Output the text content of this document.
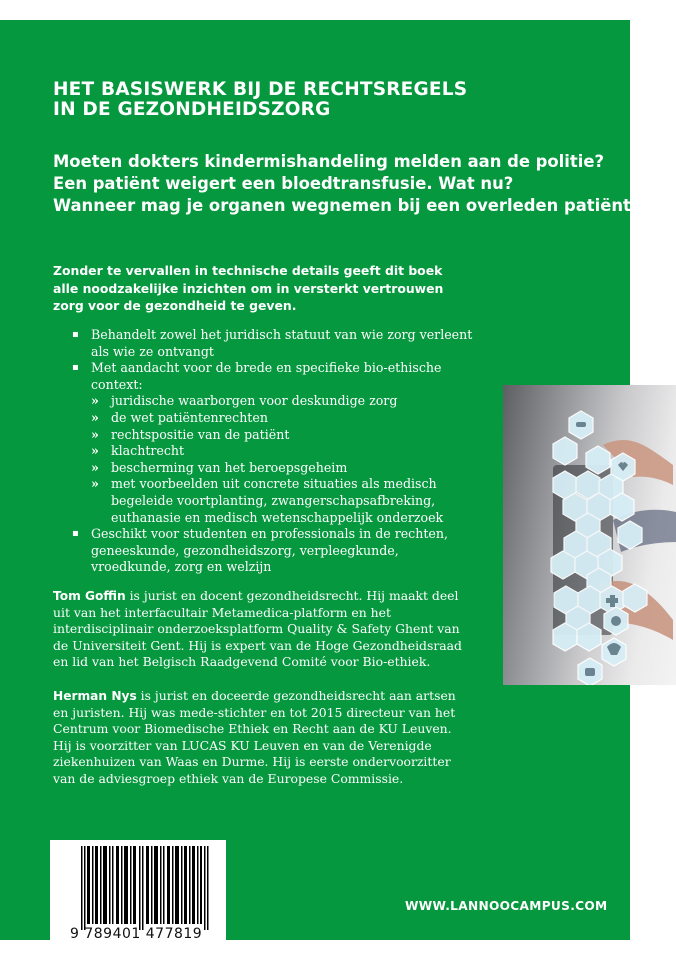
HET BASISWERK BIJ DE RECHTSREGELS
IN DE GEZONDHEIDSZORG

Moeten dokters kindermishandeling melden aan de politie?
Een patiënt weigert een bloedtransfusie. Wat nu?
Wanneer mag je organen wegnemen bij een overleden patiënt?

Zonder te vervallen in technische details geeft dit boek alle noodzakelijke inzichten om in versterkt vertrouwen zorg voor de gezondheid te geven.

▪ Behandelt zowel het juridisch statuut van wie zorg verleent als wie ze ontvangt
▪ Met aandacht voor de brede en specifieke bio-ethische context:
» juridische waarborgen voor deskundige zorg
» de wet patiëntenrechten
» rechtspositie van de patiënt
» klachtrecht
» bescherming van het beroepsgeheim
» met voorbeelden uit concrete situaties als medisch begeleide voortplanting, zwangerschapsafbreking, euthanasie en medisch wetenschappelijk onderzoek
▪ Geschikt voor studenten en professionals in de rechten, geneeskunde, gezondheidszorg, verpleegkunde, vroedkunde, zorg en welzijn

Tom Goffin is jurist en docent gezondheidsrecht. Hij maakt deel uit van het interfacultair Metamedica-platform en het interdisciplinair onderzoeksplatform Quality & Safety Ghent van de Universiteit Gent. Hij is expert van de Hoge Gezondheidsraad en lid van het Belgisch Raadgevend Comité voor Bio-ethiek.

Herman Nys is jurist en doceerde gezondheidsrecht aan artsen en juristen. Hij was mede-stichter en tot 2015 directeur van het Centrum voor Biomedische Ethiek en Recht aan de KU Leuven. Hij is voorzitter van LUCAS KU Leuven en van de Verenigde ziekenhuizen van Waas en Durme. Hij is eerste ondervoorzitter van de adviesgroep ethiek van de Europese Commissie.

9 789401 477819
WWW.LANNOOCAMPUS.COM
